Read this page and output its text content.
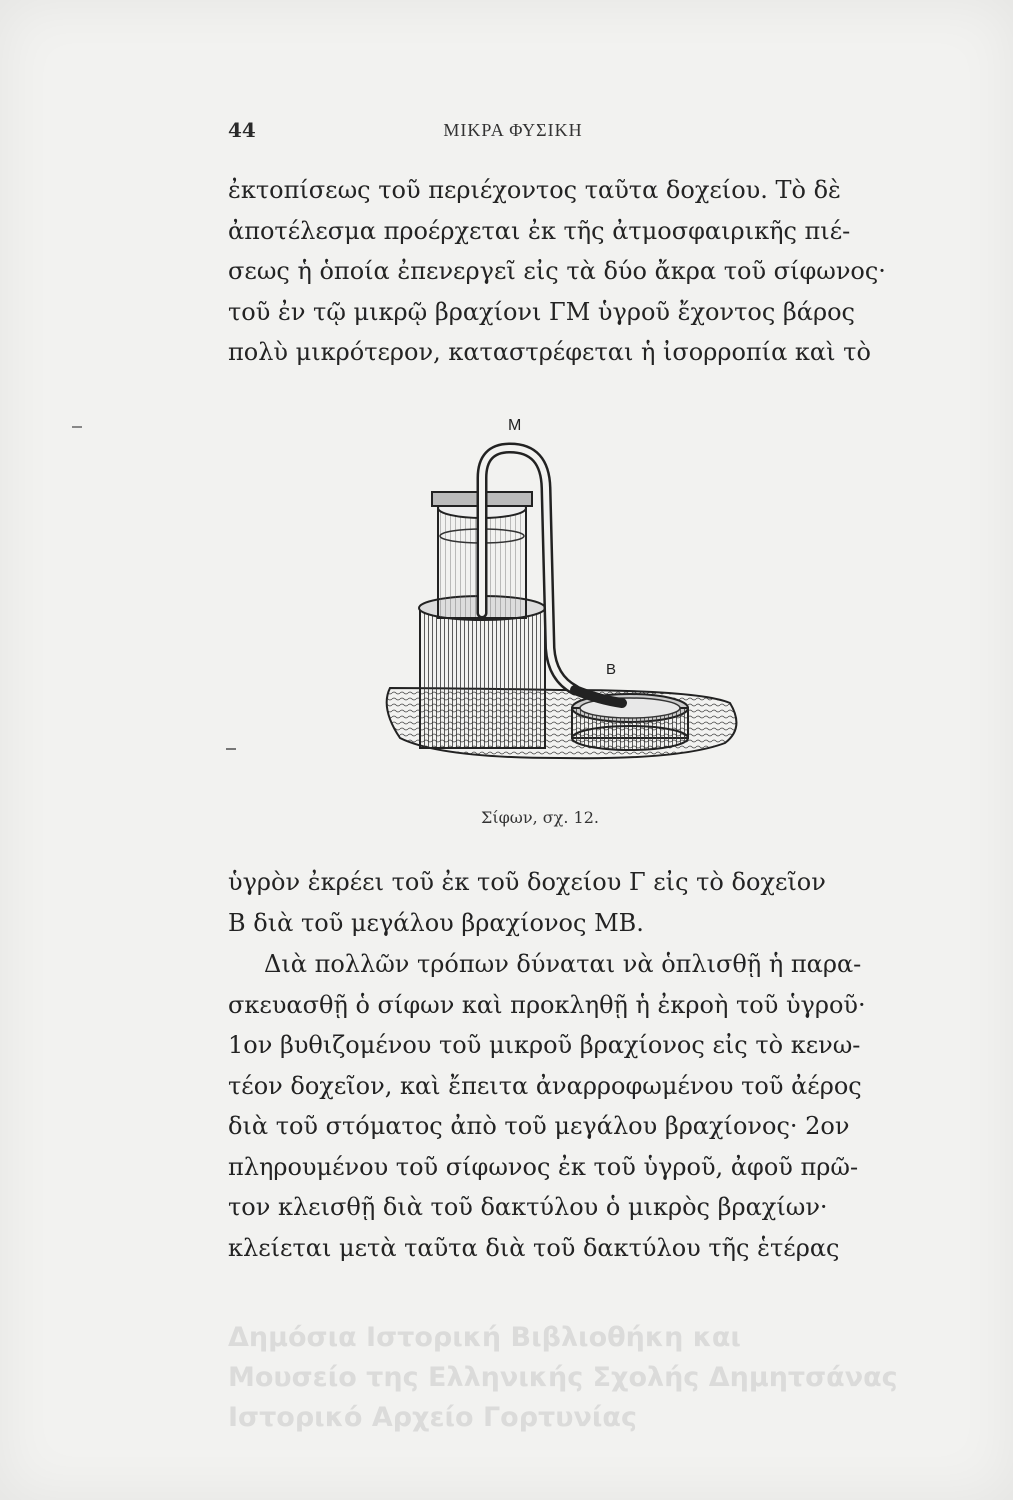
44	ΜΙΚΡΑ ΦΥΣΙΚΗ
ἐκτοπίσεως τοῦ περιέχοντος ταῦτα δοχείου. Τὸ δὲ
ἀποτέλεσμα προέρχεται ἐκ τῆς ἀτμοσφαιρικῆς πιέ-
σεως ἡ ὁποία ἐπενεργεῖ εἰς τὰ δύο ἄκρα τοῦ σίφωνος·
τοῦ ἐν τῷ μικρῷ βραχίονι ΓΜ ὑγροῦ ἔχοντος βάρος
πολὺ μικρότερον, καταστρέφεται ἡ ἰσορροπία καὶ τὸ
M
B
Σίφων, σχ. 12.
ὑγρὸν ἐκρέει τοῦ ἐκ τοῦ δοχείου Γ εἰς τὸ δοχεῖον
Β διὰ τοῦ μεγάλου βραχίονος ΜΒ.
Διὰ πολλῶν τρόπων δύναται νὰ ὁπλισθῇ ἡ παρα-
σκευασθῇ ὁ σίφων καὶ προκληθῇ ἡ ἐκροὴ τοῦ ὑγροῦ·
1ον βυθιζομένου τοῦ μικροῦ βραχίονος εἰς τὸ κενω-
τέον δοχεῖον, καὶ ἔπειτα ἀναρροφωμένου τοῦ ἀέρος
διὰ τοῦ στόματος ἀπὸ τοῦ μεγάλου βραχίονος· 2ον
πληρουμένου τοῦ σίφωνος ἐκ τοῦ ὑγροῦ, ἀφοῦ πρῶ-
τον κλεισθῇ διὰ τοῦ δακτύλου ὁ μικρὸς βραχίων·
κλείεται μετὰ ταῦτα διὰ τοῦ δακτύλου τῆς ἑτέρας
Δημόσια Ιστορική Βιβλιοθήκη και
Μουσείο της Ελληνικής Σχολής Δημητσάνας
Ιστορικό Αρχείο Γορτυνίας
